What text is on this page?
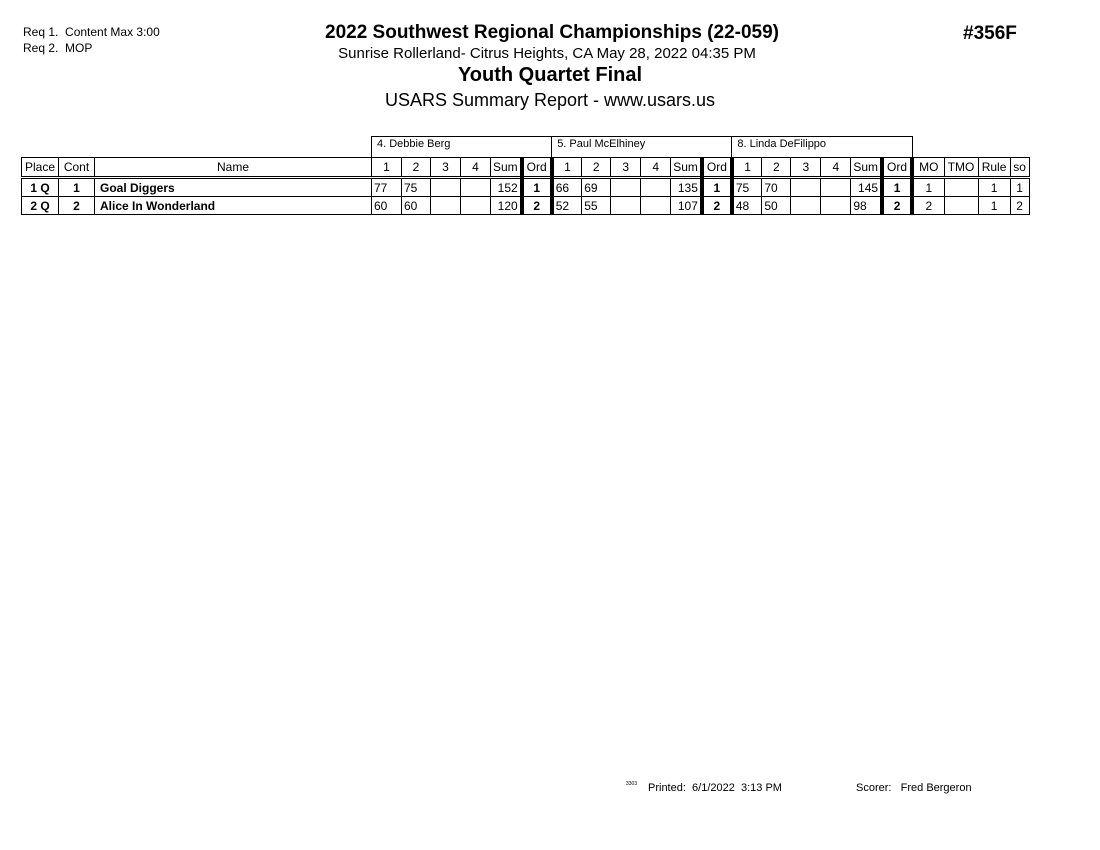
Req 1. Content Max 3:00
Req 2. MOP
2022 Southwest Regional Championships (22-059)
Sunrise Rollerland- Citrus Heights, CA May 28, 2022 04:35 PM
Youth Quartet Final
USARS Summary Report - www.usars.us
#356F
			4. Debbie Berg						5. Paul McElhiney						8. Linda DeFilippo									
Place	Cont	Name	1	2	3	4	Sum	Ord	1	2	3	4	Sum	Ord	1	2	3	4	Sum	Ord	MO	TMO	Rule	so
1 Q	1	Goal Diggers	77	75			152	1	66	69			135	1	75	70			145	1	1		1	1
2 Q	2	Alice In Wonderland	60	60			120	2	52	55			107	2	48	50			98	2	2		1	2
3303 Printed: 6/1/2022  3:13 PM	Scorer: Fred Bergeron
